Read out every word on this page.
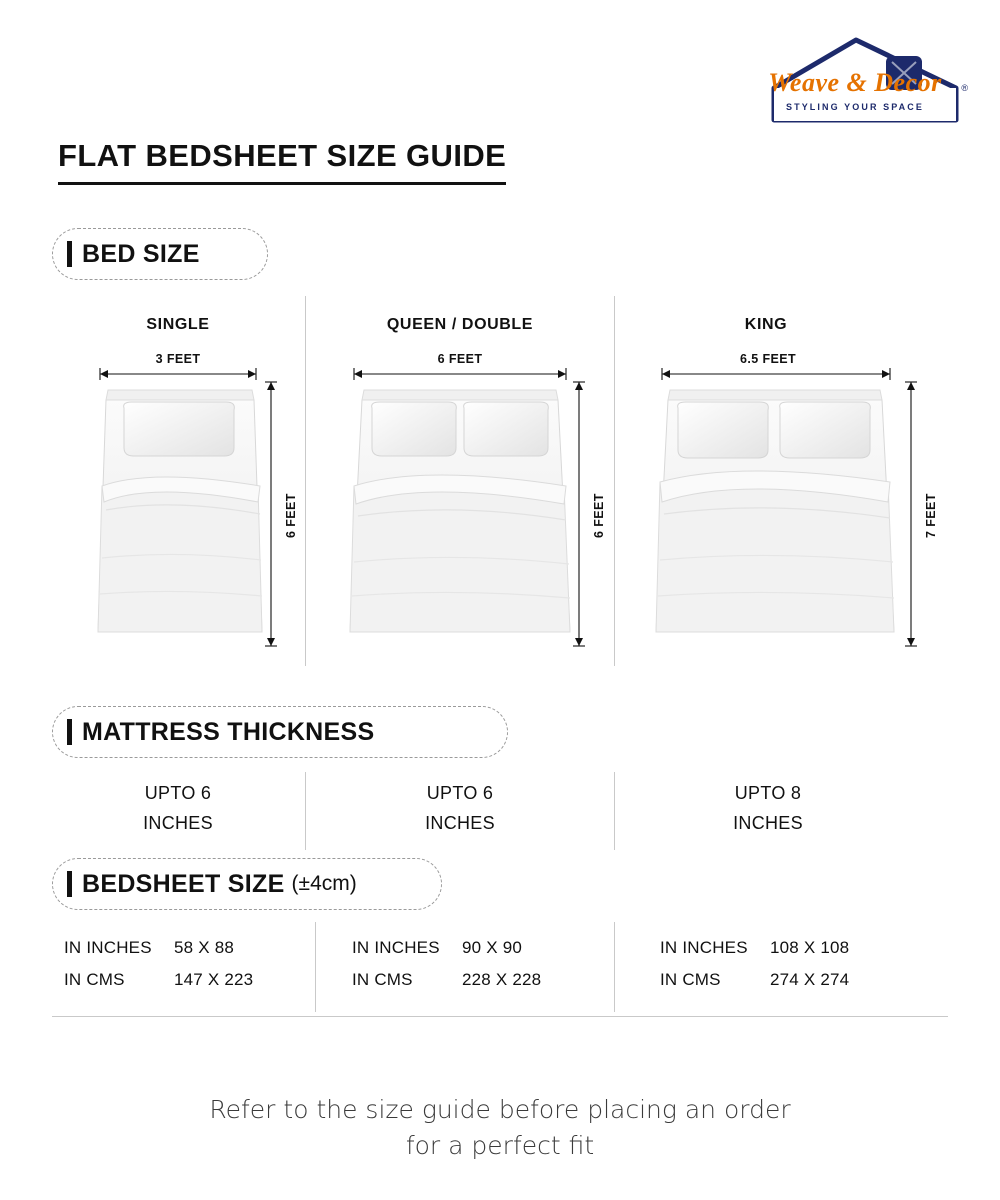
Weave & Decor
STYLING YOUR SPACE
®
FLAT BEDSHEET SIZE GUIDE
BED SIZE
SINGLE	QUEEN / DOUBLE	KING
3 FEET
6 FEET
6 FEET
6 FEET
6.5 FEET
7 FEET
MATTRESS THICKNESS
UPTO 6
INCHES
UPTO 6
INCHES
UPTO 8
INCHES
BEDSHEET SIZE (±4cm)
IN INCHES	58 X 88
IN CMS	147 X 223
IN INCHES	90 X 90
IN CMS	228 X 228
IN INCHES	108 X 108
IN CMS	274 X 274
Refer to the size guide before placing an order
for a perfect fit
